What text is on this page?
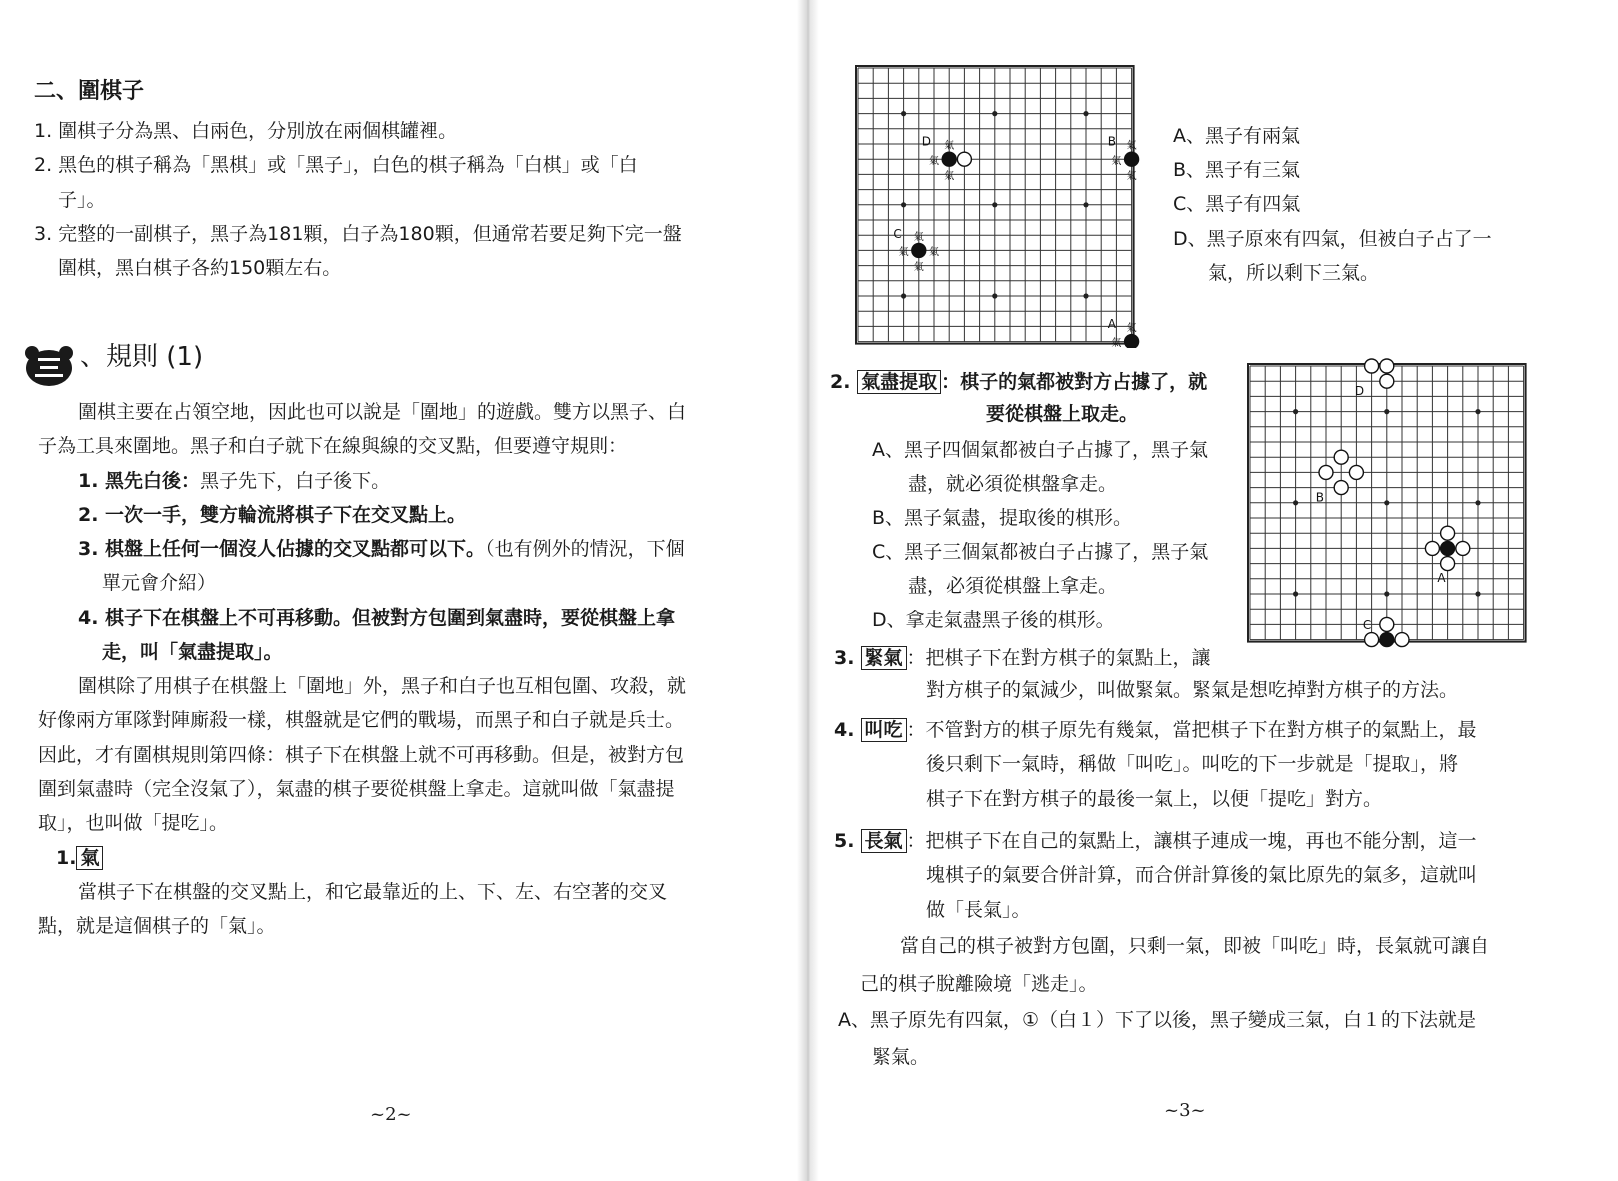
二、圍棋子
1. 圍棋子分為黑、白兩色，分別放在兩個棋罐裡。
2. 黑色的棋子稱為「黑棋」或「黑子」，白色的棋子稱為「白棋」或「白
子」。
3. 完整的一副棋子，黑子為181顆，白子為180顆，但通常若要足夠下完一盤
圍棋，黑白棋子各約150顆左右。
、規則 (1)
圍棋主要在占領空地，因此也可以說是「圍地」的遊戲。雙方以黑子、白
子為工具來圍地。黑子和白子就下在線與線的交叉點，但要遵守規則：
1. 黑先白後：黑子先下，白子後下。
2. 一次一手，雙方輪流將棋子下在交叉點上。
3. 棋盤上任何一個沒人佔據的交叉點都可以下。（也有例外的情況，下個
單元會介紹）
4. 棋子下在棋盤上不可再移動。但被對方包圍到氣盡時，要從棋盤上拿
走，叫「氣盡提取」。
圍棋除了用棋子在棋盤上「圍地」外，黑子和白子也互相包圍、攻殺，就
好像兩方軍隊對陣廝殺一樣，棋盤就是它們的戰場，而黑子和白子就是兵士。
因此，才有圍棋規則第四條：棋子下在棋盤上就不可再移動。但是，被對方包
圍到氣盡時（完全沒氣了），氣盡的棋子要從棋盤上拿走。這就叫做「氣盡提
取」，也叫做「提吃」。
1. 氣
當棋子下在棋盤的交叉點上，和它最靠近的上、下、左、右空著的交叉
點，就是這個棋子的「氣」。
~2~
D 氣
氣
氣
B 氣
氣
氣
C 氣
氣 氣
氣
A 氣
氣
A、黑子有兩氣
B、黑子有三氣
C、黑子有四氣
D、黑子原來有四氣，但被白子占了一
氣，所以剩下三氣。
2. 氣盡提取 ：棋子的氣都被對方占據了，就
要從棋盤上取走。
A、黑子四個氣都被白子占據了，黑子氣
盡，就必須從棋盤拿走。
B、黑子氣盡，提取後的棋形。
C、黑子三個氣都被白子占據了，黑子氣
盡，必須從棋盤上拿走。
D、拿走氣盡黑子後的棋形。
D
B
A
C
3. 緊氣 ：把棋子下在對方棋子的氣點上，讓
對方棋子的氣減少，叫做緊氣。緊氣是想吃掉對方棋子的方法。
4. 叫吃 ：不管對方的棋子原先有幾氣，當把棋子下在對方棋子的氣點上，最
後只剩下一氣時，稱做「叫吃」。叫吃的下一步就是「提取」，將
棋子下在對方棋子的最後一氣上，以便「提吃」對方。
5. 長氣 ：把棋子下在自己的氣點上，讓棋子連成一塊，再也不能分割，這一
塊棋子的氣要合併計算，而合併計算後的氣比原先的氣多，這就叫
做「長氣」。
當自己的棋子被對方包圍，只剩一氣，即被「叫吃」時，長氣就可讓自
己的棋子脫離險境「逃走」。
A、黑子原先有四氣，①（白１）下了以後，黑子變成三氣，白１的下法就是
緊氣。
~3~
